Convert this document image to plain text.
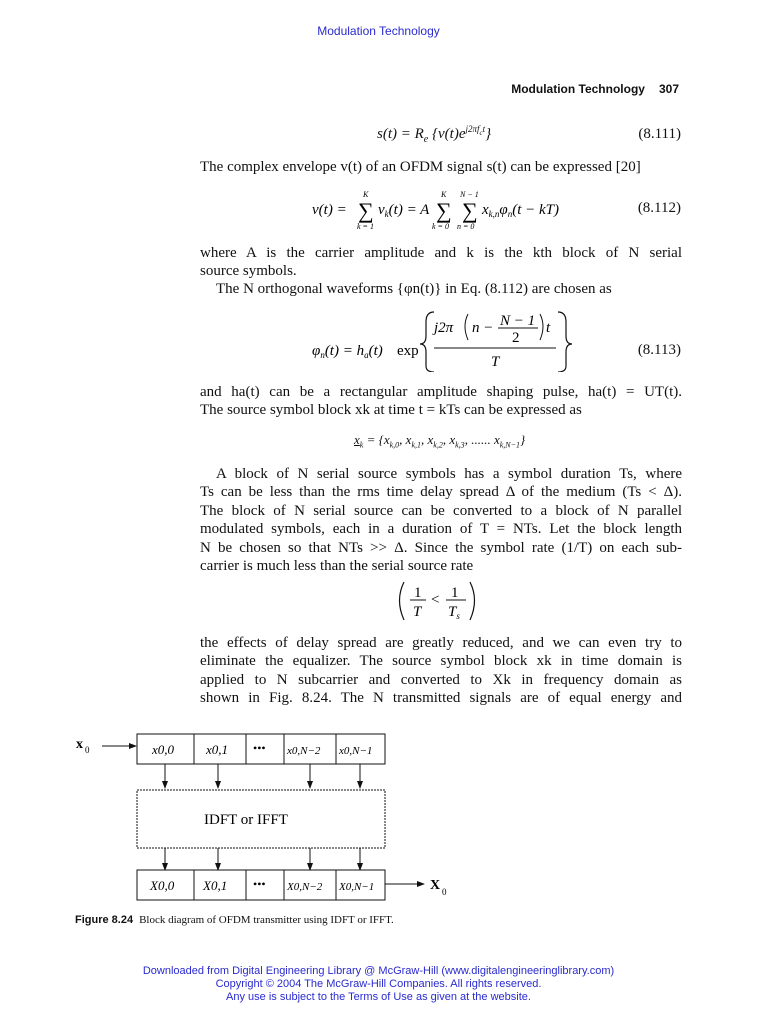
Modulation Technology
Modulation Technology 307
$s(t) = R_e$ $\{v(t)e^{j2\pi f_ct}\}$	(8.111)
The complex envelope v(t) of an OFDM signal s(t) can be expressed [20]
v(t) = ∑
K
k = 1
$v_k(t) = A$ ∑
K
k = 0
∑
N − 1
n = 0
$x_{k,n}\varphi_n(t - kT)$	(8.112)
where A is the carrier amplitude and k is the kth block of N serial
source symbols.
The N orthogonal waveforms {φn(t)} in Eq. (8.112) are chosen as
$\varphi_n(t) = h_a(t)$ exp
j2π n − N − 1
2
t
T
(8.113)
and ha(t) can be a rectangular amplitude shaping pulse, ha(t) = UT(t).
The source symbol block xk at time t = kTs can be expressed as
$x_k = \{x_{k,0}$, $x_{k,1}$, $x_{k,2}$, $x_{k,3}$, ...... $x_{k,N-1}$}
A block of N serial source symbols has a symbol duration Ts, where
Ts can be less than the rms time delay spread Δ of the medium (Ts < Δ).
The block of N serial source can be converted to a block of N parallel
modulated symbols, each in a duration of T = NTs. Let the block length
N be chosen so that NTs >> Δ. Since the symbol rate (1/T) on each sub-
carrier is much less than the serial source rate
1
T
< 1
$T_s$
the effects of delay spread are greatly reduced, and we can even try to
eliminate the equalizer. The source symbol block xk in time domain is
applied to N subcarrier and converted to Xk in frequency domain as
shown in Fig. 8.24. The N transmitted signals are of equal energy and
x 0	x0,0 x0,1 ••• x0,N−2 x0,N−1
IDFT or IFFT
X0,0 X0,1 ••• X0,N−2 X0,N−1	X 0
Figure 8.24 Block diagram of OFDM transmitter using IDFT or IFFT.
Downloaded from Digital Engineering Library @ McGraw-Hill (www.digitalengineeringlibrary.com)
Copyright © 2004 The McGraw-Hill Companies. All rights reserved.
Any use is subject to the Terms of Use as given at the website.
